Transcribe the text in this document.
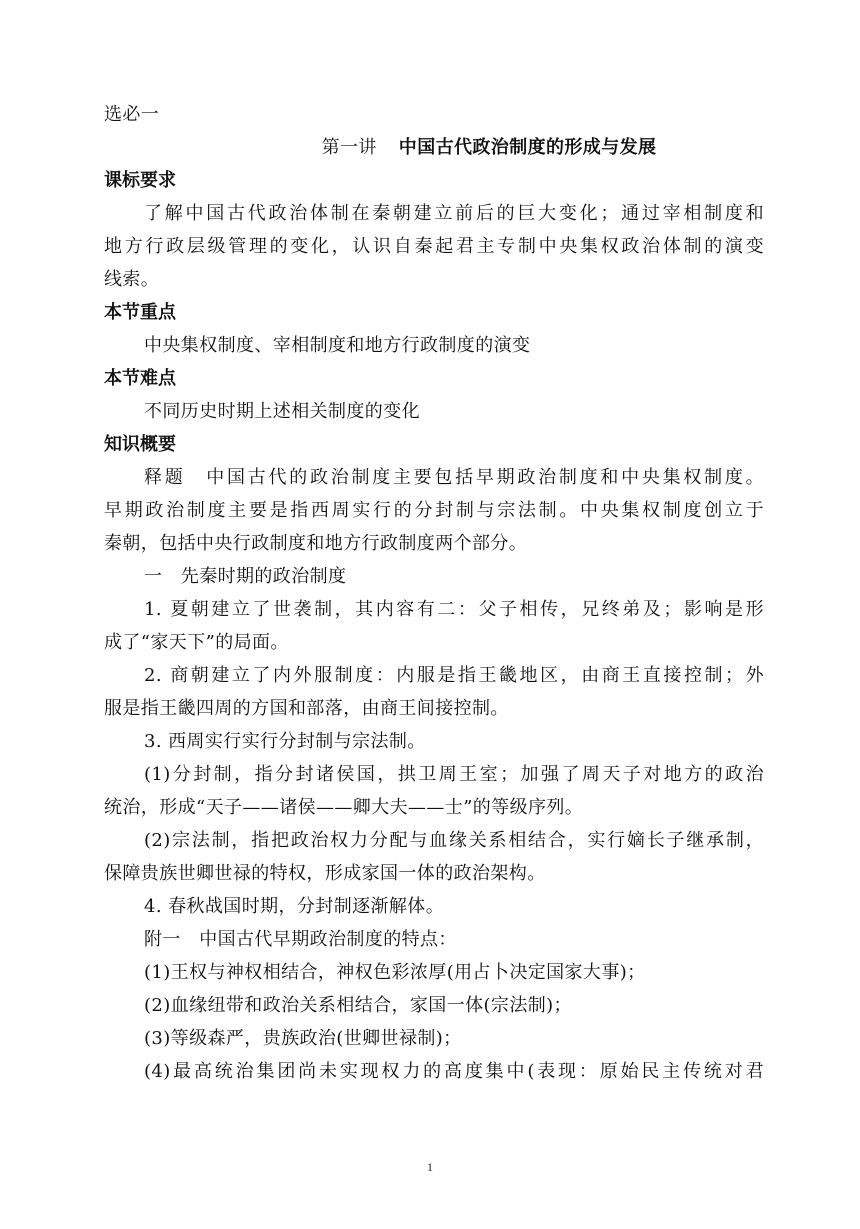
选必一
第一讲 中国古代政治制度的形成与发展
课标要求
了解中国古代政治体制在秦朝建立前后的巨大变化；通过宰相制度和
地方行政层级管理的变化，认识自秦起君主专制中央集权政治体制的演变
线索。
本节重点
中央集权制度、宰相制度和地方行政制度的演变
本节难点
不同历史时期上述相关制度的变化
知识概要
释题　中国古代的政治制度主要包括早期政治制度和中央集权制度。
早期政治制度主要是指西周实行的分封制与宗法制。中央集权制度创立于
秦朝，包括中央行政制度和地方行政制度两个部分。
一　先秦时期的政治制度
1. 夏朝建立了世袭制，其内容有二：父子相传，兄终弟及；影响是形
成了“家天下”的局面。
2. 商朝建立了内外服制度：内服是指王畿地区，由商王直接控制；外
服是指王畿四周的方国和部落，由商王间接控制。
3. 西周实行实行分封制与宗法制。
(1)分封制，指分封诸侯国，拱卫周王室；加强了周天子对地方的政治
统治，形成“天子——诸侯——卿大夫——士”的等级序列。
(2)宗法制，指把政治权力分配与血缘关系相结合，实行嫡长子继承制，
保障贵族世卿世禄的特权，形成家国一体的政治架构。
4. 春秋战国时期，分封制逐渐解体。
附一　中国古代早期政治制度的特点：
(1)王权与神权相结合，神权色彩浓厚(用占卜决定国家大事)；
(2)血缘纽带和政治关系相结合，家国一体(宗法制)；
(3)等级森严，贵族政治(世卿世禄制)；
(4)最高统治集团尚未实现权力的高度集中(表现：原始民主传统对君
1
